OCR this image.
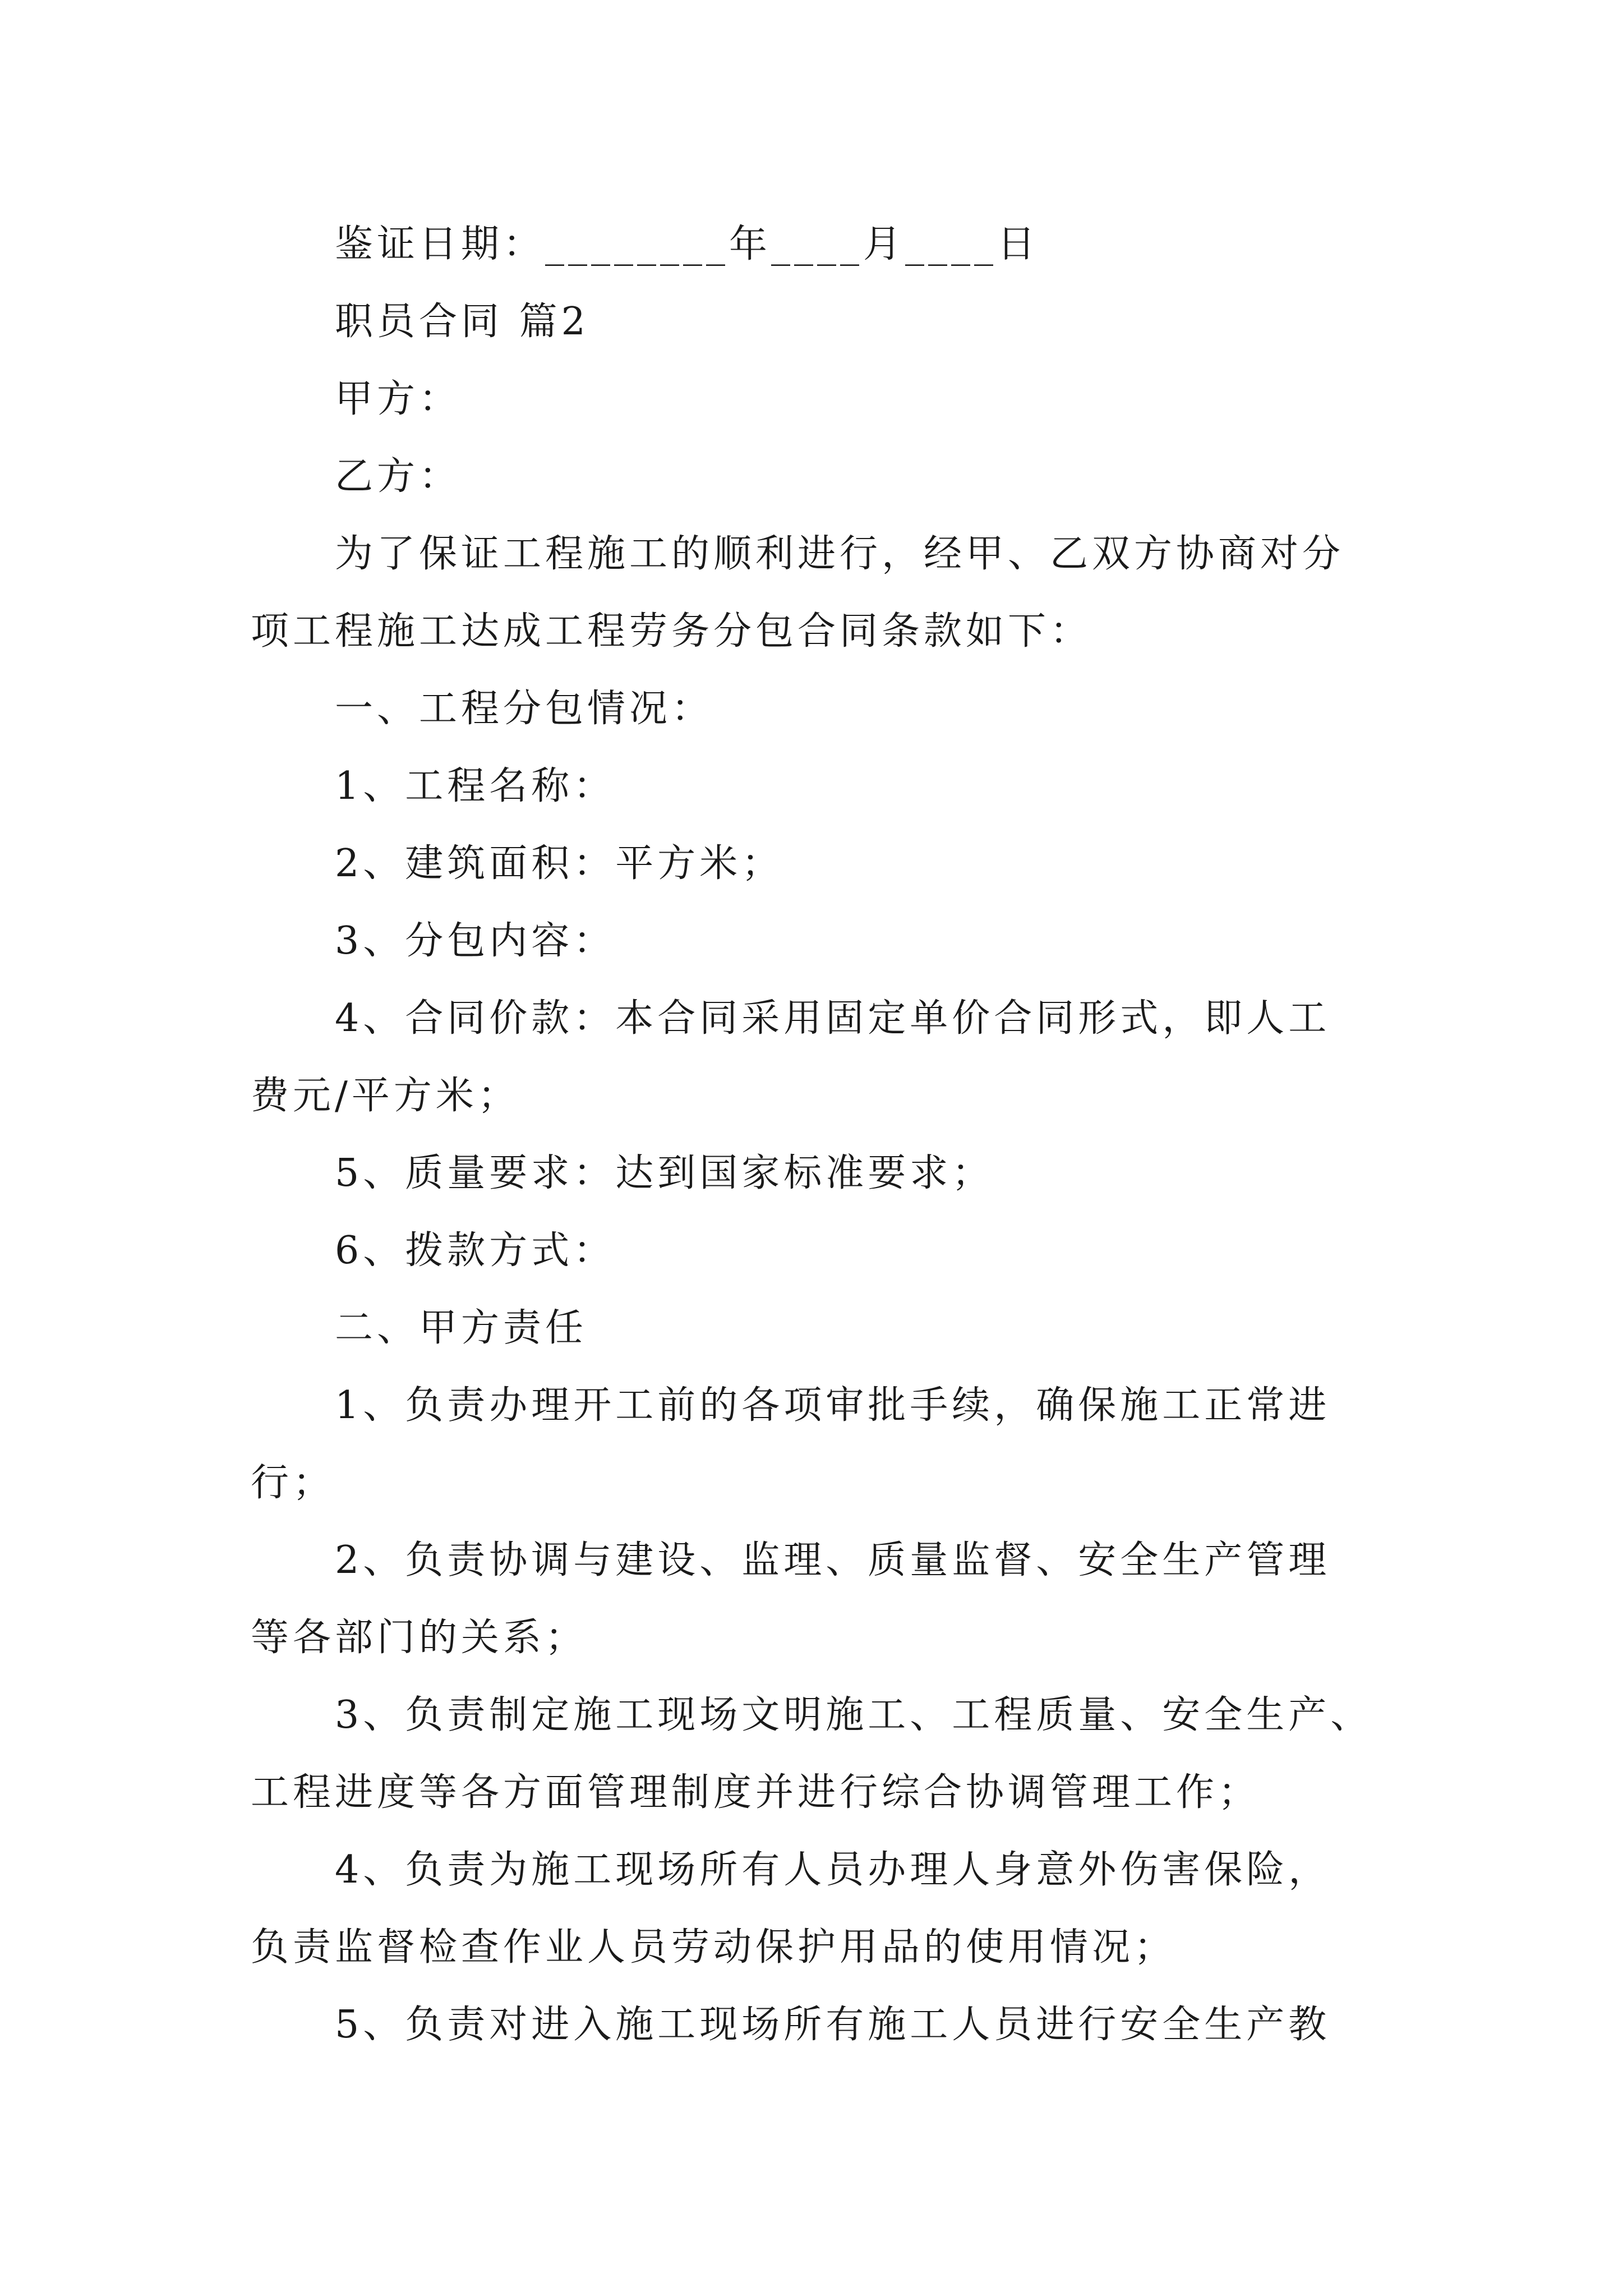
鉴证日期：________年____月____日
职员合同 篇2
甲方：
乙方：
为了保证工程施工的顺利进行，经甲、乙双方协商对分
项工程施工达成工程劳务分包合同条款如下：
一、工程分包情况：
1、工程名称：
2、建筑面积：平方米；
3、分包内容：
4、合同价款：本合同采用固定单价合同形式，即人工
费元/平方米；
5、质量要求：达到国家标准要求；
6、拨款方式：
二、甲方责任
1、负责办理开工前的各项审批手续，确保施工正常进
行；
2、负责协调与建设、监理、质量监督、安全生产管理
等各部门的关系；
3、负责制定施工现场文明施工、工程质量、安全生产、
工程进度等各方面管理制度并进行综合协调管理工作；
4、负责为施工现场所有人员办理人身意外伤害保险，
负责监督检查作业人员劳动保护用品的使用情况；
5、负责对进入施工现场所有施工人员进行安全生产教
